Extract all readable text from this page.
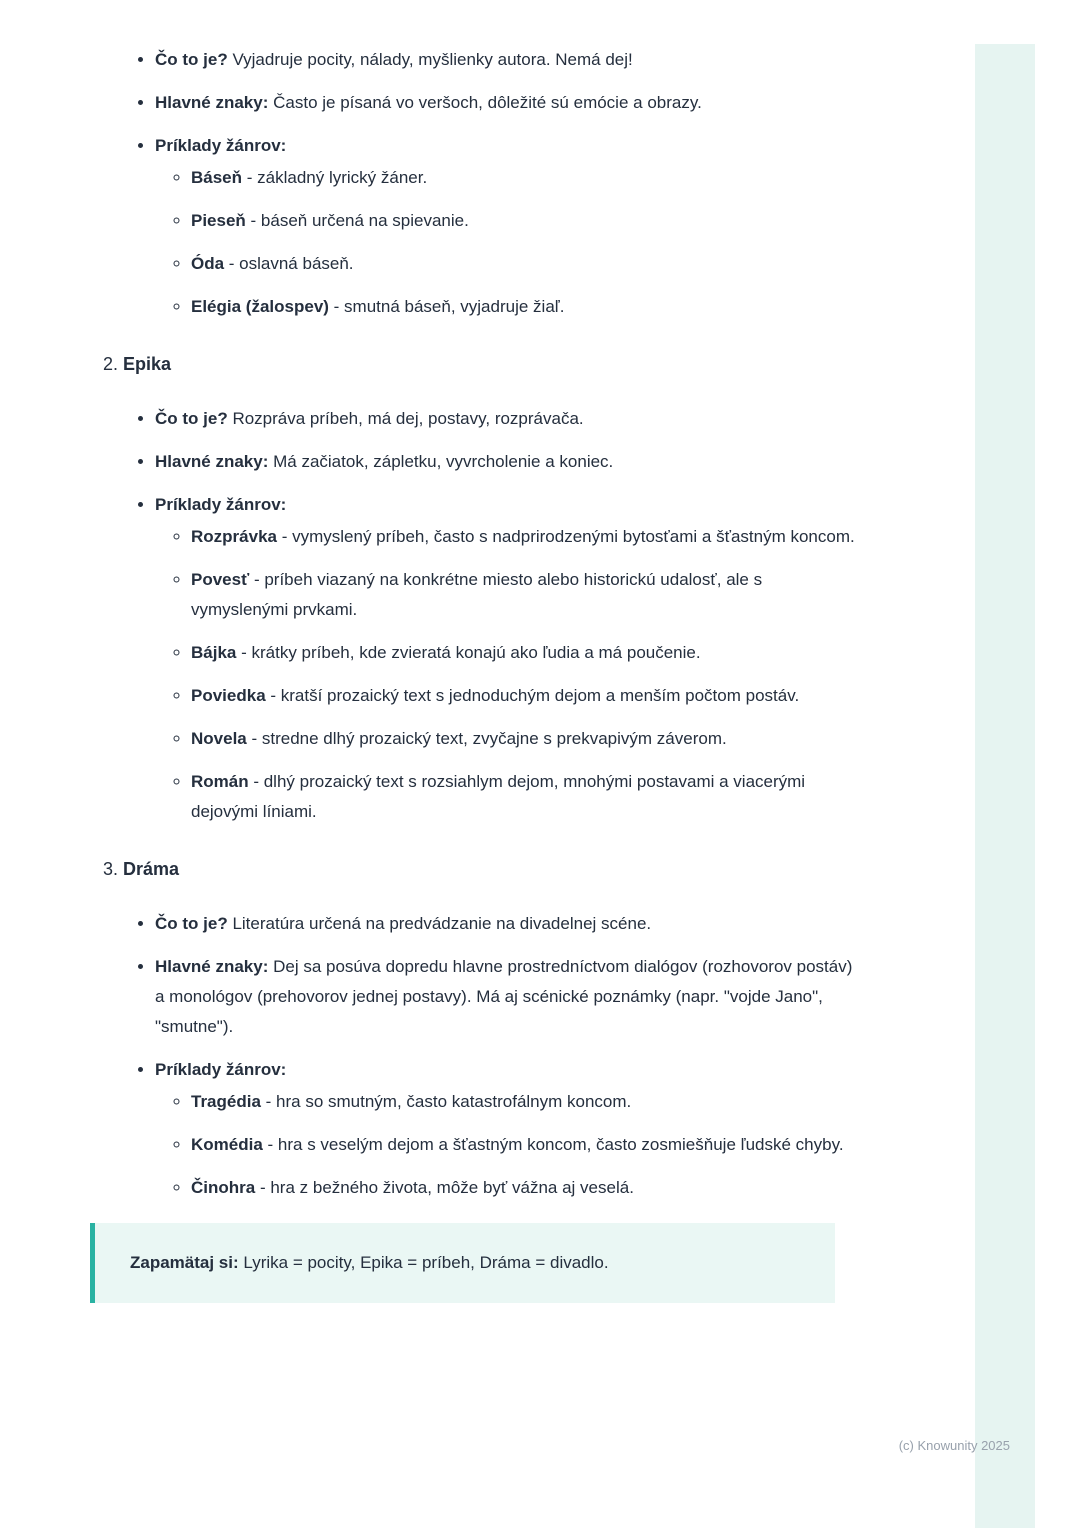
• Čo to je? Vyjadruje pocity, nálady, myšlienky autora. Nemá dej!
• Hlavné znaky: Často je písaná vo veršoch, dôležité sú emócie a obrazy.
• Príklady žánrov:
◦ Báseň - základný lyrický žáner.
◦ Pieseň - báseň určená na spievanie.
◦ Óda - oslavná báseň.
◦ Elégia (žalospev) - smutná báseň, vyjadruje žiaľ.
2. Epika
• Čo to je? Rozpráva príbeh, má dej, postavy, rozprávača.
• Hlavné znaky: Má začiatok, zápletku, vyvrcholenie a koniec.
• Príklady žánrov:
◦ Rozprávka - vymyslený príbeh, často s nadprirodzenými bytosťami a šťastným koncom.
◦ Povesť - príbeh viazaný na konkrétne miesto alebo historickú udalosť, ale s vymyslenými prvkami.
◦ Bájka - krátky príbeh, kde zvieratá konajú ako ľudia a má poučenie.
◦ Poviedka - kratší prozaický text s jednoduchým dejom a menším počtom postáv.
◦ Novela - stredne dlhý prozaický text, zvyčajne s prekvapivým záverom.
◦ Román - dlhý prozaický text s rozsiahlym dejom, mnohými postavami a viacerými dejovými líniami.
3. Dráma
• Čo to je? Literatúra určená na predvádzanie na divadelnej scéne.
• Hlavné znaky: Dej sa posúva dopredu hlavne prostredníctvom dialógov (rozhovorov postáv) a monológov (prehovorov jednej postavy). Má aj scénické poznámky (napr. "vojde Jano", "smutne").
• Príklady žánrov:
◦ Tragédia - hra so smutným, často katastrofálnym koncom.
◦ Komédia - hra s veselým dejom a šťastným koncom, často zosmiešňuje ľudské chyby.
◦ Činohra - hra z bežného života, môže byť vážna aj veselá.
Zapamätaj si: Lyrika = pocity, Epika = príbeh, Dráma = divadlo.
(c) Knowunity 2025
